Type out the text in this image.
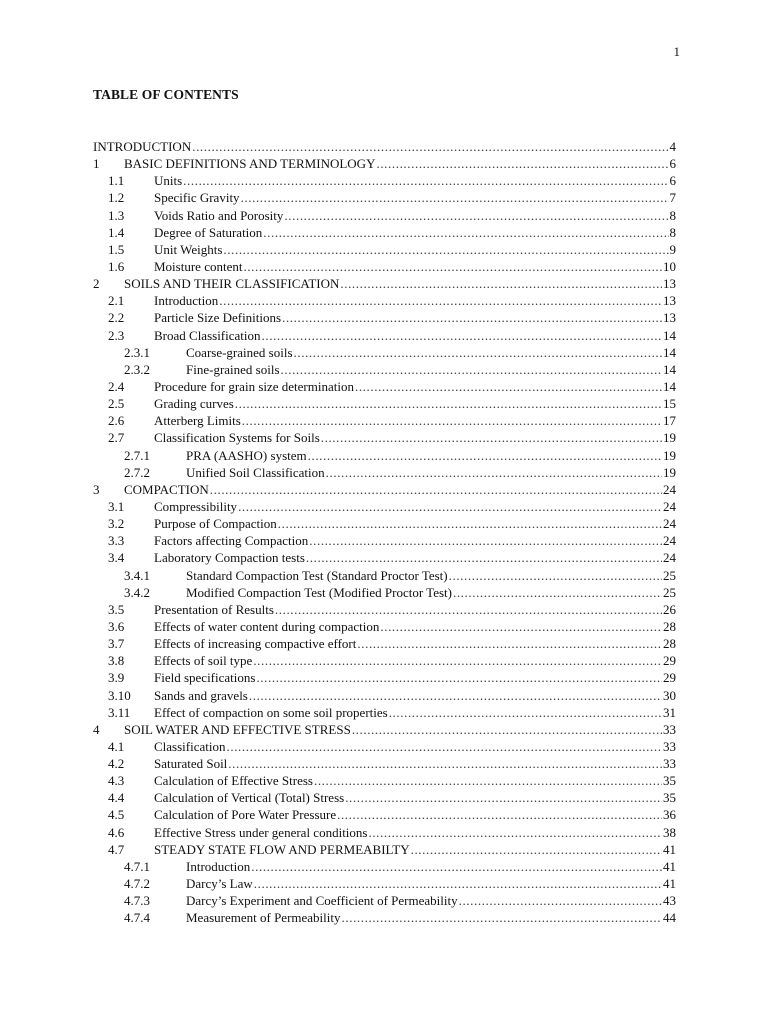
1
TABLE OF CONTENTS
INTRODUCTION .....	4
1	BASIC DEFINITIONS AND TERMINOLOGY .....	6
1.1	Units .....	6
1.2	Specific Gravity .....	7
1.3	Voids Ratio and Porosity .....	8
1.4	Degree of Saturation .....	8
1.5	Unit Weights .....	9
1.6	Moisture content .....	10
2	SOILS AND THEIR CLASSIFICATION .....	13
2.1	Introduction .....	13
2.2	Particle Size Definitions .....	13
2.3	Broad Classification .....	14
2.3.1	Coarse-grained soils .....	14
2.3.2	Fine-grained soils .....	14
2.4	Procedure for grain size determination .....	14
2.5	Grading curves .....	15
2.6	Atterberg Limits .....	17
2.7	Classification Systems for Soils .....	19
2.7.1	PRA (AASHO) system .....	19
2.7.2	Unified Soil Classification .....	19
3	COMPACTION .....	24
3.1	Compressibility .....	24
3.2	Purpose of Compaction .....	24
3.3	Factors affecting Compaction .....	24
3.4	Laboratory Compaction tests .....	24
3.4.1	Standard Compaction Test (Standard Proctor Test) .....	25
3.4.2	Modified Compaction Test (Modified Proctor Test) .....	25
3.5	Presentation of Results .....	26
3.6	Effects of water content during compaction .....	28
3.7	Effects of increasing compactive effort .....	28
3.8	Effects of soil type .....	29
3.9	Field specifications .....	29
3.10	Sands and gravels .....	30
3.11	Effect of compaction on some soil properties .....	31
4	SOIL WATER AND EFFECTIVE STRESS .....	33
4.1	Classification .....	33
4.2	Saturated Soil .....	33
4.3	Calculation of Effective Stress .....	35
4.4	Calculation of Vertical (Total) Stress .....	35
4.5	Calculation of Pore Water Pressure .....	36
4.6	Effective Stress under general conditions .....	38
4.7	STEADY STATE FLOW AND PERMEABILTY .....	41
4.7.1	Introduction .....	41
4.7.2	Darcy’s Law .....	41
4.7.3	Darcy’s Experiment and Coefficient of Permeability .....	43
4.7.4	Measurement of Permeability .....	44
